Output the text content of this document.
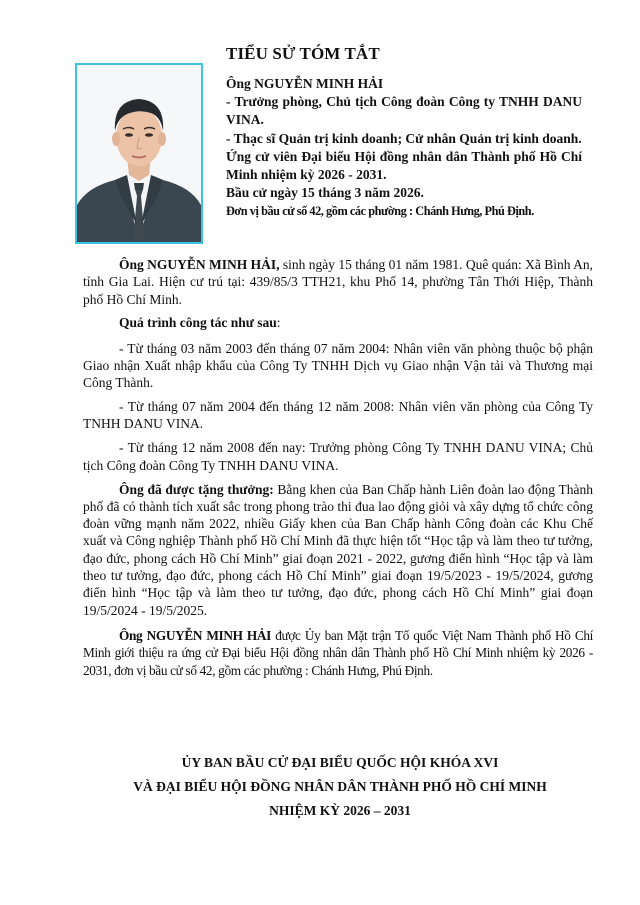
TIỂU SỬ TÓM TẮT
Ông NGUYỄN MINH HẢI
- Trưởng phòng, Chủ tịch Công đoàn Công ty TNHH DANU VINA.
- Thạc sĩ Quản trị kinh doanh; Cử nhân Quản trị kinh doanh.
Ứng cử viên Đại biểu Hội đồng nhân dân Thành phố Hồ Chí Minh nhiệm kỳ 2026 - 2031.
Bầu cử ngày 15 tháng 3 năm 2026.
Đơn vị bầu cử số 42, gồm các phường : Chánh Hưng, Phú Định.

Ông NGUYỄN MINH HẢI, sinh ngày 15 tháng 01 năm 1981. Quê quán: Xã Bình An, tỉnh Gia Lai. Hiện cư trú tại: 439/85/3 TTH21, khu Phố 14, phường Tân Thới Hiệp, Thành phố Hồ Chí Minh.

Quá trình công tác như sau:

- Từ tháng 03 năm 2003 đến tháng 07 năm 2004: Nhân viên văn phòng thuộc bộ phận Giao nhận Xuất nhập khẩu của Công Ty TNHH Dịch vụ Giao nhận Vận tải và Thương mại Công Thành.

- Từ tháng 07 năm 2004 đến tháng 12 năm 2008: Nhân viên văn phòng của Công Ty TNHH DANU VINA.

- Từ tháng 12 năm 2008 đến nay: Trưởng phòng Công Ty TNHH DANU VINA; Chủ tịch Công đoàn Công Ty TNHH DANU VINA.

Ông đã được tặng thưởng: Bằng khen của Ban Chấp hành Liên đoàn lao động Thành phố đã có thành tích xuất sắc trong phong trào thi đua lao động giỏi và xây dựng tổ chức công đoàn vững mạnh năm 2022, nhiều Giấy khen của Ban Chấp hành Công đoàn các Khu Chế xuất và Công nghiệp Thành phố Hồ Chí Minh đã thực hiện tốt “Học tập và làm theo tư tưởng, đạo đức, phong cách Hồ Chí Minh” giai đoạn 2021 - 2022, gương điển hình “Học tập và làm theo tư tưởng, đạo đức, phong cách Hồ Chí Minh” giai đoạn 19/5/2023 - 19/5/2024, gương điển hình “Học tập và làm theo tư tưởng, đạo đức, phong cách Hồ Chí Minh” giai đoạn 19/5/2024 - 19/5/2025.

Ông NGUYỄN MINH HẢI được Ủy ban Mặt trận Tổ quốc Việt Nam Thành phố Hồ Chí Minh giới thiệu ra ứng cử Đại biểu Hội đồng nhân dân Thành phố Hồ Chí Minh nhiệm kỳ 2026 - 2031, đơn vị bầu cử số 42, gồm các phường : Chánh Hưng, Phú Định.

ỦY BAN BẦU CỬ ĐẠI BIỂU QUỐC HỘI KHÓA XVI
VÀ ĐẠI BIỂU HỘI ĐỒNG NHÂN DÂN THÀNH PHỐ HỒ CHÍ MINH
NHIỆM KỲ 2026 – 2031
